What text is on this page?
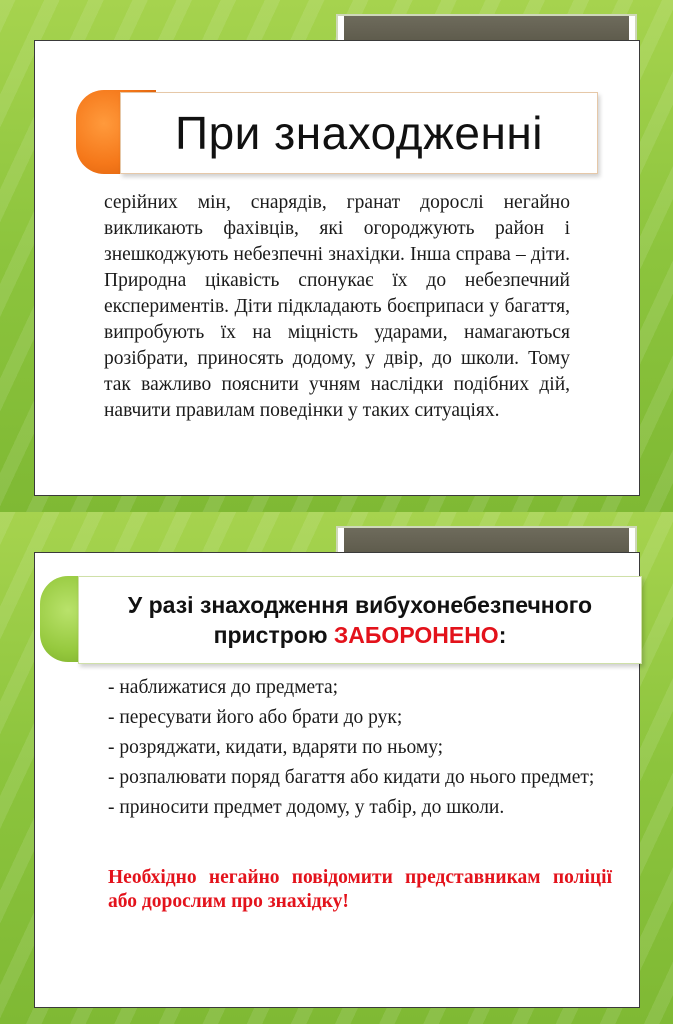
При знаходженні

серійних мін, снарядів, гранат дорослі негайно викликають фахівців, які огороджують район і знешкоджують небезпечні знахідки. Інша справа – діти. Природна цікавість спонукає їх до небезпечний експериментів. Діти підкладають боєприпаси у багаття, випробують їх на міцність ударами, намагаються розібрати, приносять додому, у двір, до школи. Тому так важливо пояснити учням наслідки подібних дій, навчити правилам поведінки у таких ситуаціях.

У разі знаходження вибухонебезпечного
пристрою ЗАБОРОНЕНО:
- наближатися до предмета;
- пересувати його або брати до рук;
- розряджати, кидати, вдаряти по ньому;
- розпалювати поряд багаття або кидати до нього предмет;
- приносити предмет додому, у табір, до школи.

Необхідно негайно повідомити представникам поліції або дорослим про знахідку!
